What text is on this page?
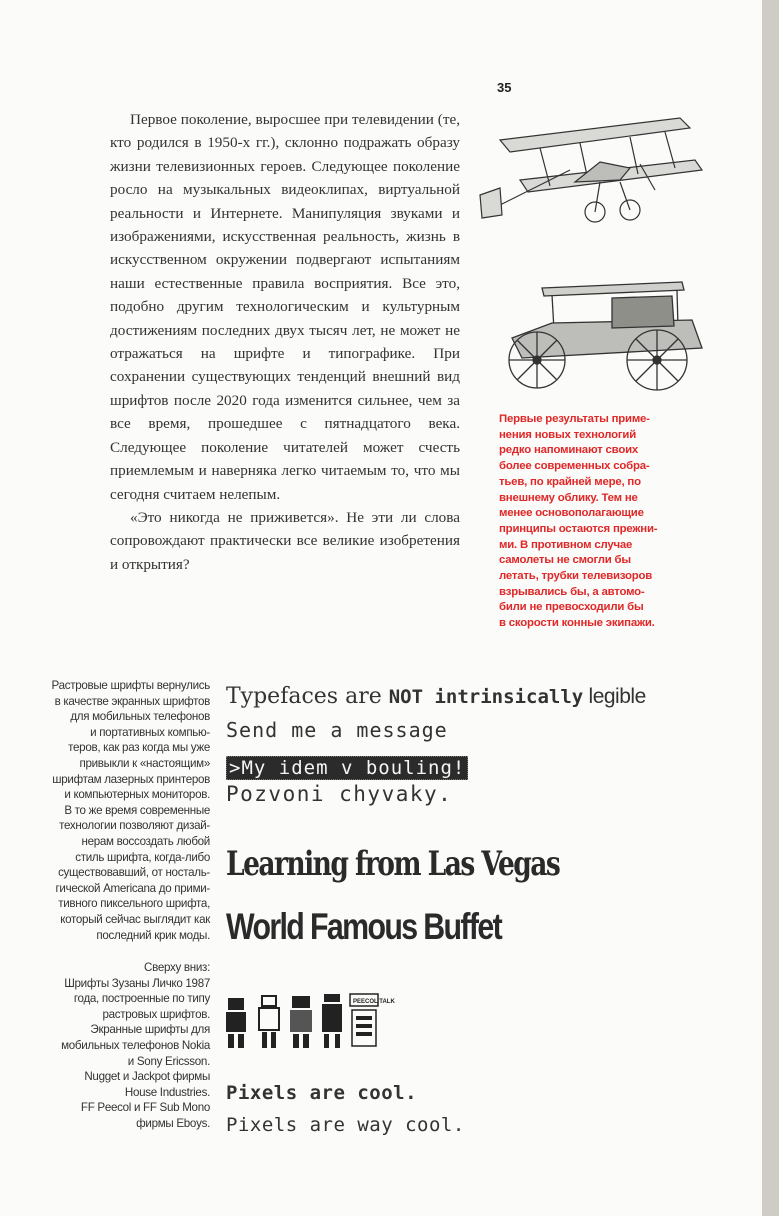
35

Первое поколение, выросшее при телевидении (те, кто родился в 1950-х гг.), склонно подражать образу жизни телевизионных героев. Следующее поколение росло на музыкальных видеоклипах, виртуальной реальности и Интернете. Манипуляция звуками и изображениями, искусственная реальность, жизнь в искусственном окружении подвергают испытаниям наши естественные правила восприятия. Все это, подобно другим технологическим и культурным достижениям последних двух тысяч лет, не может не отражаться на шрифте и типографике. При сохранении существующих тенденций внешний вид шрифтов после 2020 года изменится сильнее, чем за все время, прошедшее с пятнадцатого века. Следующее поколение читателей может счесть приемлемым и наверняка легко читаемым то, что мы сегодня считаем нелепым.

«Это никогда не приживется». Не эти ли слова сопровождают практически все великие изобретения и открытия?

Первые результаты приме-
нения новых технологий
редко напоминают своих
более современных собра-
тьев, по крайней мере, по
внешнему облику. Тем не
менее основополагающие
принципы остаются прежни-
ми. В противном случае
самолеты не смогли бы
летать, трубки телевизоров
взрывались бы, а автомо-
били не превосходили бы
в скорости конные экипажи.
Растровые шрифты вернулись
в качестве экранных шрифтов
для мобильных телефонов
и портативных компью-
теров, как раз когда мы уже
привыкли к «настоящим»
шрифтам лазерных принтеров
и компьютерных мониторов.
В то же время современные
технологии позволяют дизай-
нерам воссоздать любой
стиль шрифта, когда-либо
существовавший, от носталь-
гической Americana до прими-
тивного пиксельного шрифта,
который сейчас выглядит как
последний крик моды.
Сверху вниз:
Шрифты Зузаны Личко 1987
года, построенные по типу
растровых шрифтов.
Экранные шрифты для
мобильных телефонов Nokia
и Sony Ericsson.
Nugget и Jackpot фирмы
House Industries.
FF Peecol и FF Sub Mono
фирмы Eboys.
Typefaces are NOT intrinsically legible
Send me a message
>My idem v bouling!
Pozvoni chyvaky.
Learning from Las Vegas
World Famous Buffet
PEECOL TALK
Pixels are cool.
Pixels are way cool.
